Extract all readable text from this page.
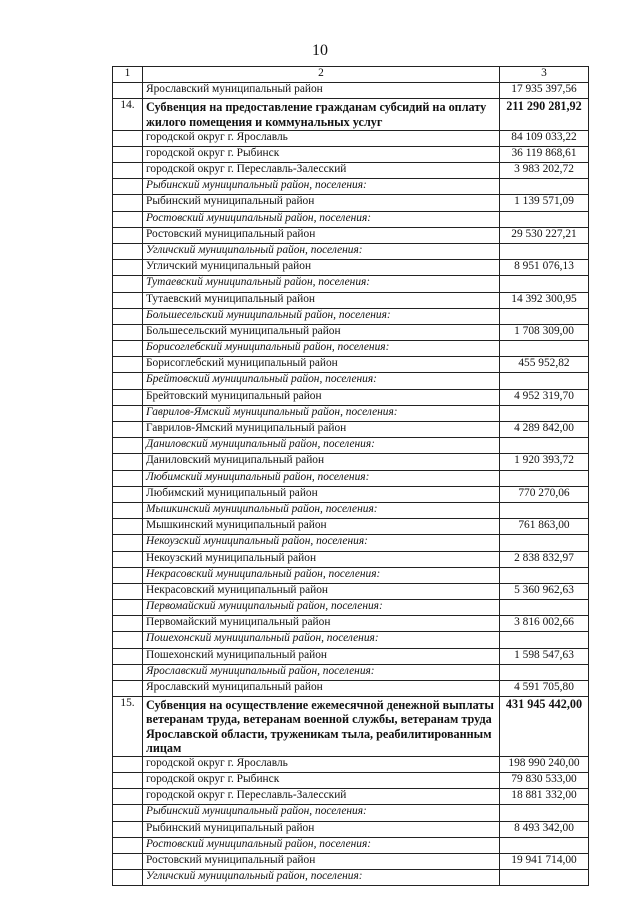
10
1	2	3
	Ярославский муниципальный район	17 935 397,56
14.	Субвенция на предоставление гражданам субсидий на оплату жилого помещения и коммунальных услуг	211 290 281,92
	городской округ г. Ярославль	84 109 033,22
	городской округ г. Рыбинск	36 119 868,61
	городской округ г. Переславль-Залесский	3 983 202,72
	Рыбинский муниципальный район, поселения:	
	Рыбинский муниципальный район	1 139 571,09
	Ростовский муниципальный район, поселения:	
	Ростовский муниципальный район	29 530 227,21
	Угличский муниципальный район, поселения:	
	Угличский муниципальный район	8 951 076,13
	Тутаевский муниципальный район, поселения:	
	Тутаевский муниципальный район	14 392 300,95
	Большесельский муниципальный район, поселения:	
	Большесельский муниципальный район	1 708 309,00
	Борисоглебский муниципальный район, поселения:	
	Борисоглебский муниципальный район	455 952,82
	Брейтовский муниципальный район, поселения:	
	Брейтовский муниципальный район	4 952 319,70
	Гаврилов-Ямский муниципальный район, поселения:	
	Гаврилов-Ямский муниципальный район	4 289 842,00
	Даниловский муниципальный район, поселения:	
	Даниловский муниципальный район	1 920 393,72
	Любимский муниципальный район, поселения:	
	Любимский муниципальный район	770 270,06
	Мышкинский муниципальный район, поселения:	
	Мышкинский муниципальный район	761 863,00
	Некоузский муниципальный район, поселения:	
	Некоузский муниципальный район	2 838 832,97
	Некрасовский муниципальный район, поселения:	
	Некрасовский муниципальный район	5 360 962,63
	Первомайский муниципальный район, поселения:	
	Первомайский муниципальный район	3 816 002,66
	Пошехонский муниципальный район, поселения:	
	Пошехонский муниципальный район	1 598 547,63
	Ярославский муниципальный район, поселения:	
	Ярославский муниципальный район	4 591 705,80
15.	Субвенция на осуществление ежемесячной денежной выплаты ветеранам труда, ветеранам военной службы, ветеранам труда Ярославской области, труженикам тыла, реабилитированным лицам	431 945 442,00
	городской округ г. Ярославль	198 990 240,00
	городской округ г. Рыбинск	79 830 533,00
	городской округ г. Переславль-Залесский	18 881 332,00
	Рыбинский муниципальный район, поселения:	
	Рыбинский муниципальный район	8 493 342,00
	Ростовский муниципальный район, поселения:	
	Ростовский муниципальный район	19 941 714,00
	Угличский муниципальный район, поселения:	
